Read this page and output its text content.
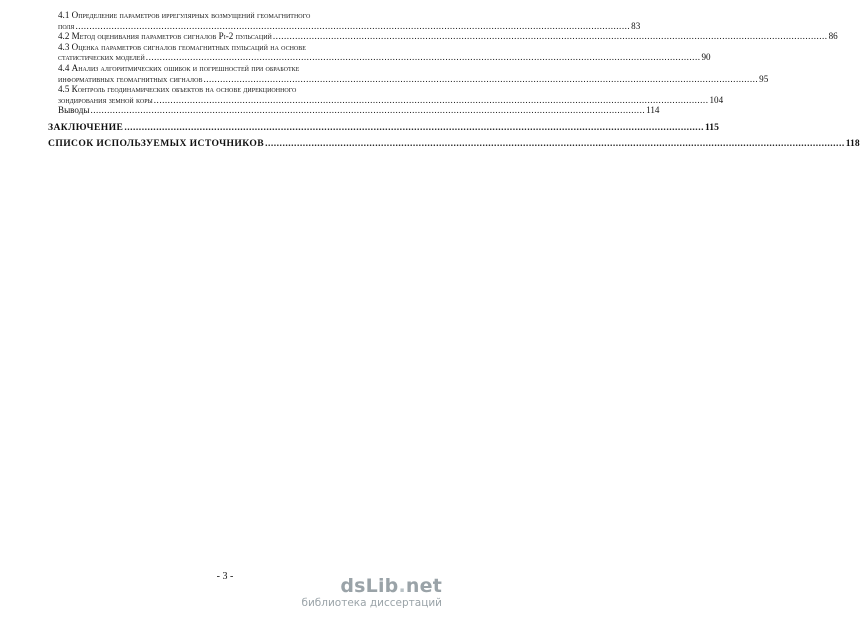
4.1 Определение параметров иррегулярных возмущений геомагнитного
поля ........................................................................................................................................................................................................ 83
4.2 Метод оценивания параметров сигналов Pi-2 пульсаций ........................................................................................................................................................................................................ 86
4.3 Оценка параметров сигналов геомагнитных пульсаций на основе
статистических моделей ........................................................................................................................................................................................................ 90
4.4 Анализ алгоритмических ошибок и погрешностей при обработке
информативных геомагнитных сигналов ........................................................................................................................................................................................................ 95
4.5 Контроль геодинамических объектов на основе дирекционного
зондирования земной коры ........................................................................................................................................................................................................ 104
Выводы ........................................................................................................................................................................................................ 114
ЗАКЛЮЧЕНИЕ ........................................................................................................................................................................................................ 115
СПИСОК ИСПОЛЬЗУЕМЫХ ИСТОЧНИКОВ ........................................................................................................................................................................................................ 118
- 3 -	dsLib.net
библиотека диссертаций
